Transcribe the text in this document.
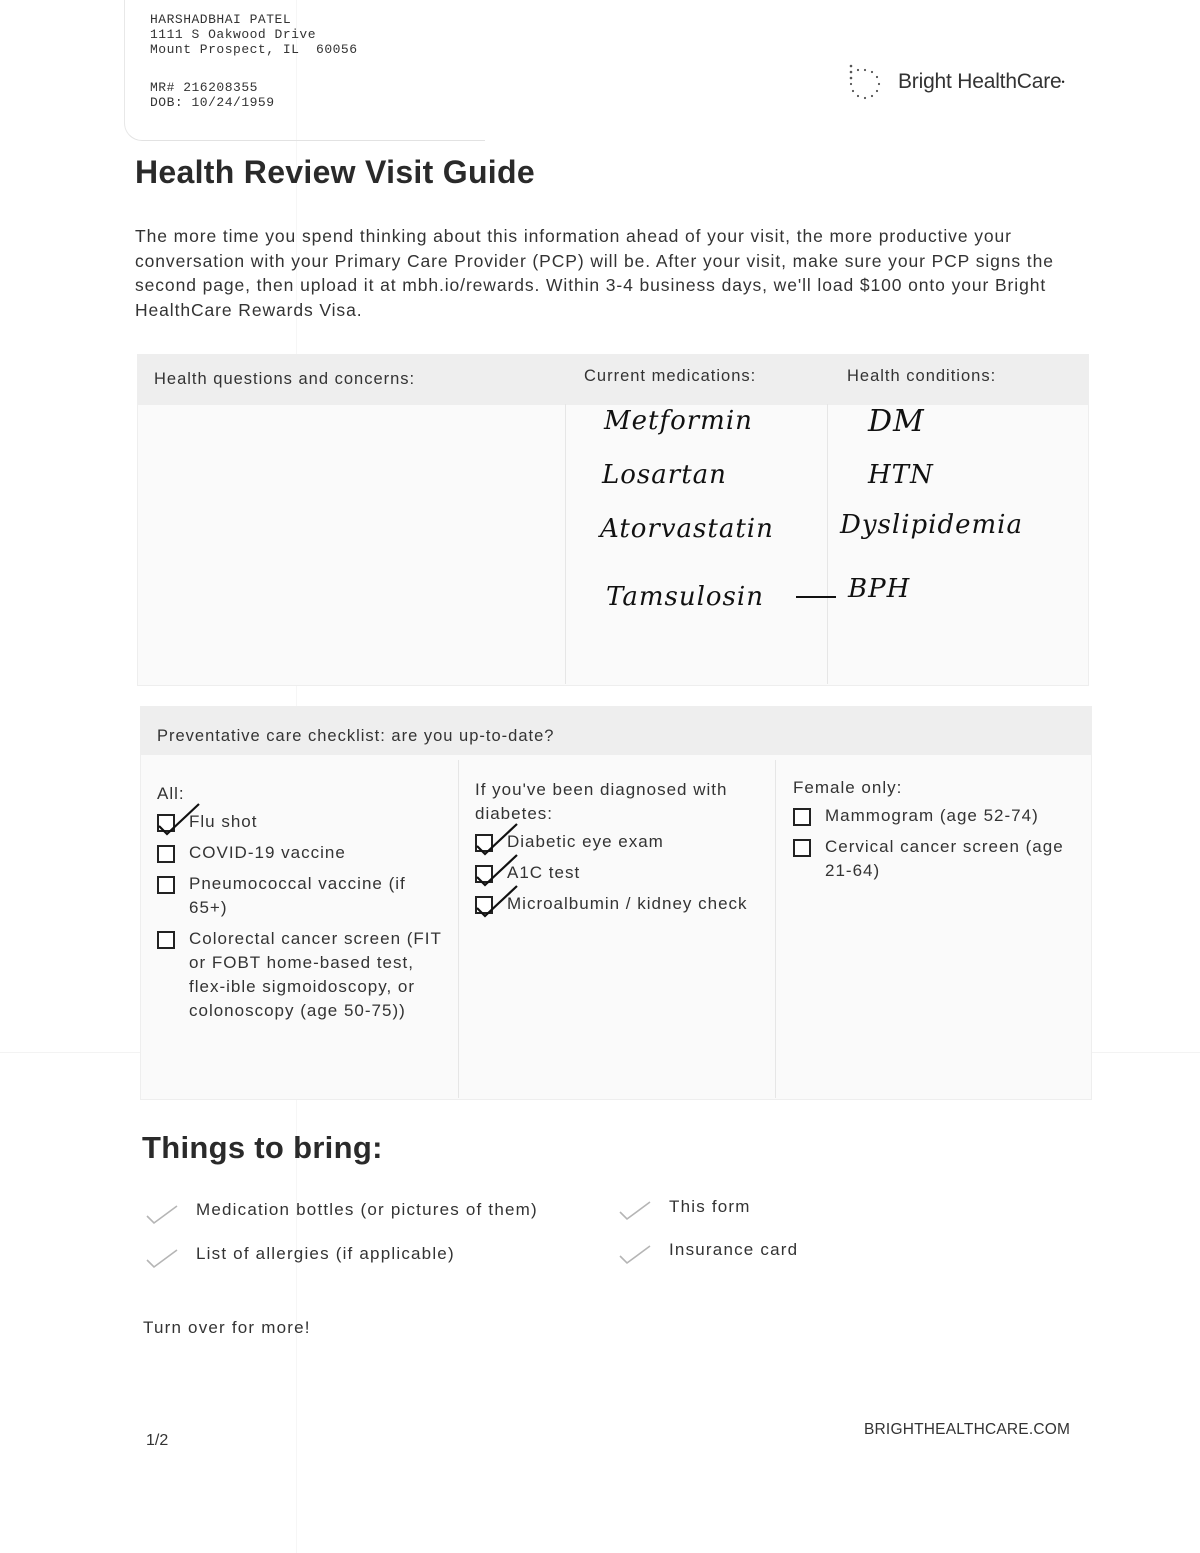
HARSHADBHAI PATEL
1111 S Oakwood Drive
Mount Prospect, IL  60056
MR# 216208355
DOB: 10/24/1959
Bright HealthCare •
Health Review Visit Guide

The more time you spend thinking about this information ahead of your visit, the more productive your conversation with your Primary Care Provider (PCP) will be. After your visit, make sure your PCP signs the second page, then upload it at mbh.io/rewards. Within 3-4 business days, we'll load $100 onto your Bright HealthCare Rewards Visa.

Health questions and concerns:	Current medications:	Health conditions:
Metformin
Losartan
Atorvastatin
Tamsulosin
DM
HTN
Dyslipidemia
BPH
Preventative care checklist: are you up-to-date?
All:
Flu shot
COVID-19 vaccine
Pneumococcal vaccine (if 65+)
Colorectal cancer screen (FIT or FOBT home-based test, flex-ible sigmoidoscopy, or colonoscopy (age 50-75))
If you've been diagnosed with diabetes:
Diabetic eye exam
A1C test
Microalbumin / kidney check
Female only:
Mammogram (age 52-74)
Cervical cancer screen (age 21-64)
Things to bring:
Medication bottles (or pictures of them)
List of allergies (if applicable)
This form
Insurance card
Turn over for more!
1/2
BRIGHTHEALTHCARE.COM
